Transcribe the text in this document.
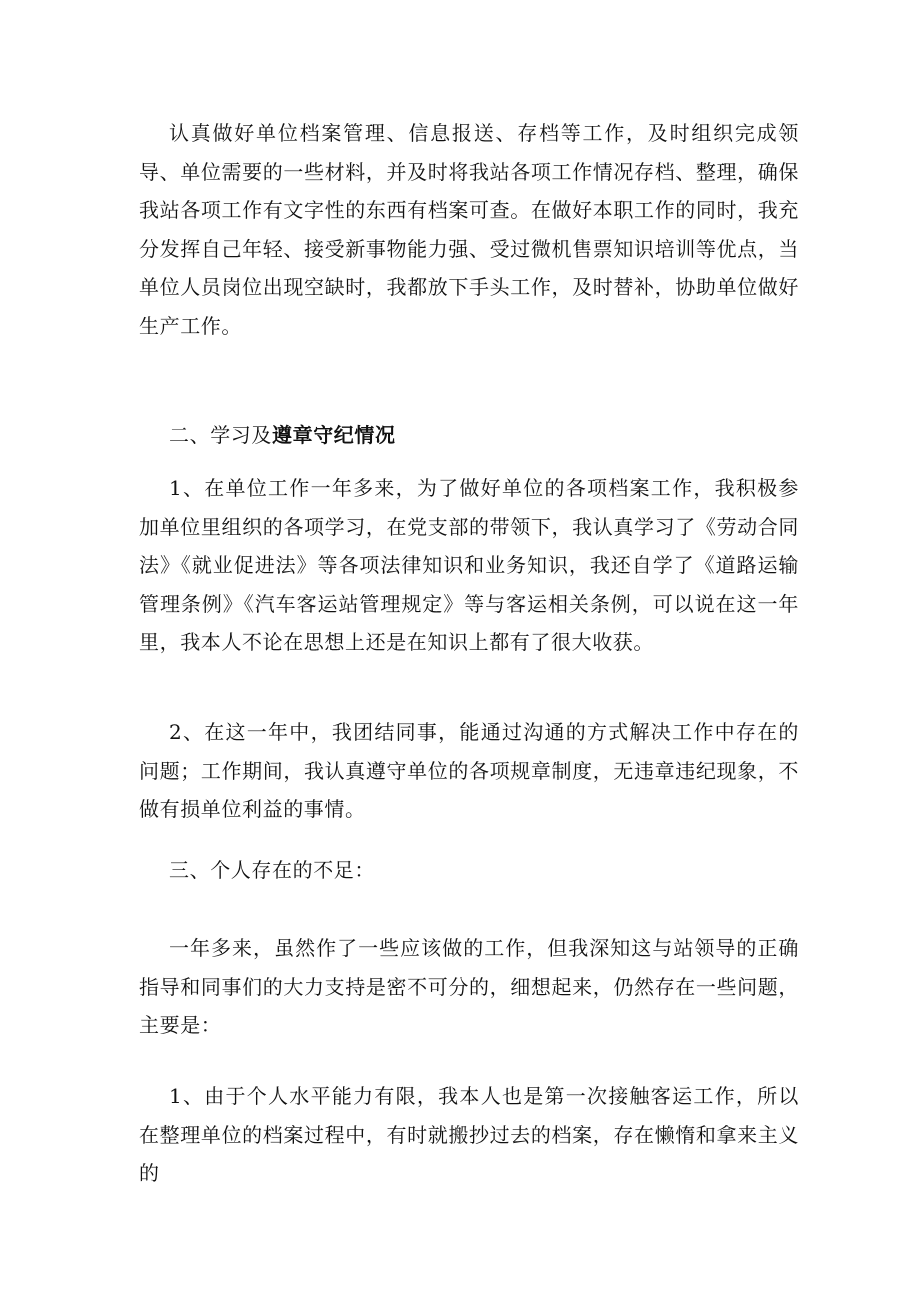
认真做好单位档案管理、信息报送、存档等工作，及时组织完成领导、单位需要的一些材料，并及时将我站各项工作情况存档、整理，确保我站各项工作有文字性的东西有档案可查。在做好本职工作的同时，我充分发挥自己年轻、接受新事物能力强、受过微机售票知识培训等优点，当单位人员岗位出现空缺时，我都放下手头工作，及时替补，协助单位做好生产工作。

二、学习及遵章守纪情况

1、在单位工作一年多来，为了做好单位的各项档案工作，我积极参加单位里组织的各项学习，在党支部的带领下，我认真学习了《劳动合同法》《就业促进法》等各项法律知识和业务知识，我还自学了《道路运输管理条例》《汽车客运站管理规定》等与客运相关条例，可以说在这一年里，我本人不论在思想上还是在知识上都有了很大收获。

2、在这一年中，我团结同事，能通过沟通的方式解决工作中存在的问题；工作期间，我认真遵守单位的各项规章制度，无违章违纪现象，不做有损单位利益的事情。

三、个人存在的不足：

一年多来，虽然作了一些应该做的工作，但我深知这与站领导的正确指导和同事们的大力支持是密不可分的，细想起来，仍然存在一些问题，主要是：

1、由于个人水平能力有限，我本人也是第一次接触客运工作，所以在整理单位的档案过程中，有时就搬抄过去的档案，存在懒惰和拿来主义的
